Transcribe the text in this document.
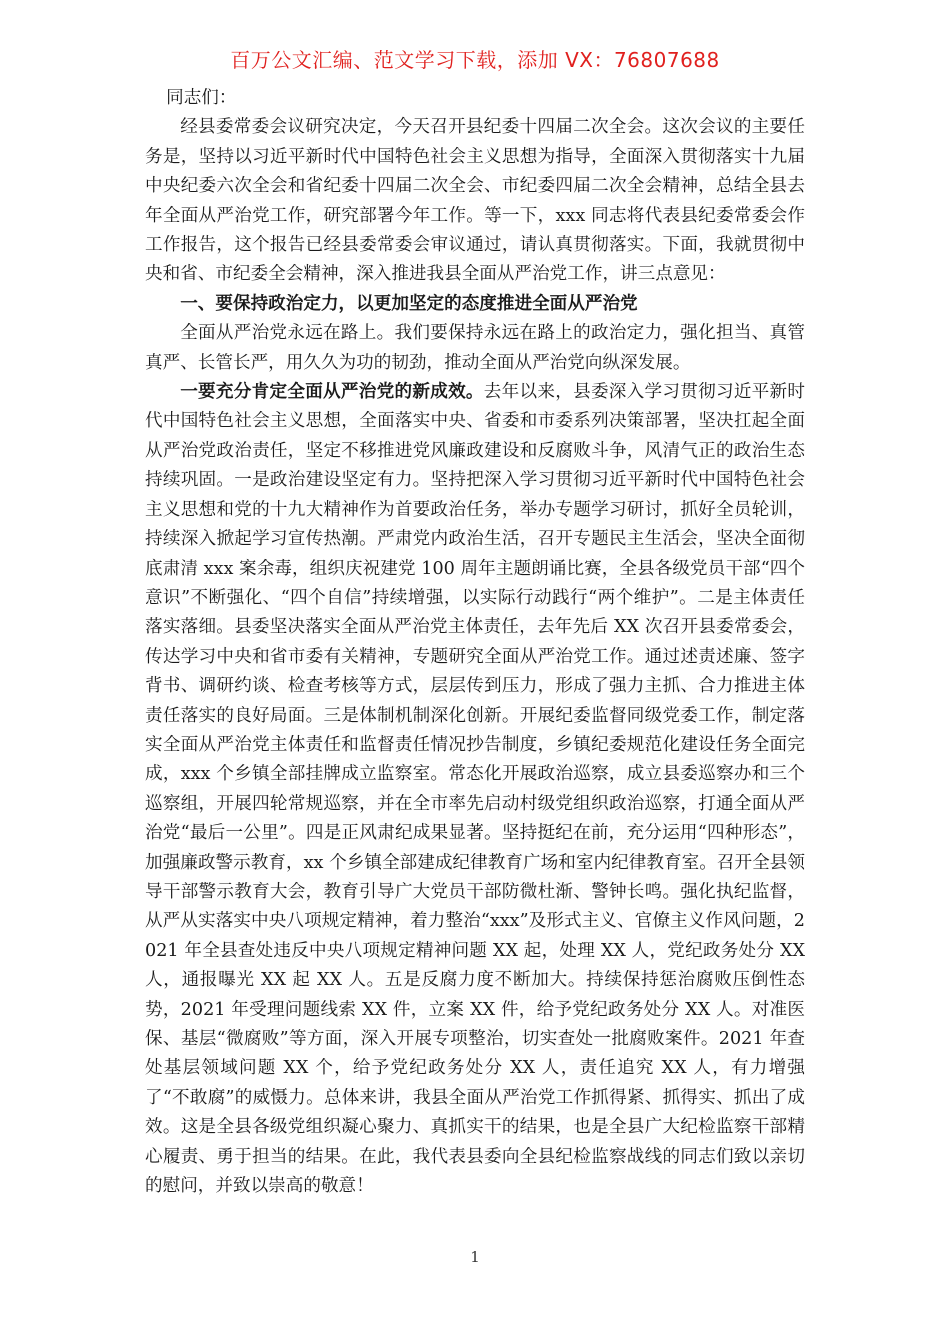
百万公文汇编、范文学习下载，添加 VX：76807688

同志们：

经县委常委会议研究决定，今天召开县纪委十四届二次全会。这次会议的主要任务是，坚持以习近平新时代中国特色社会主义思想为指导，全面深入贯彻落实十九届中央纪委六次全会和省纪委十四届二次全会、市纪委四届二次全会精神，总结全县去年全面从严治党工作，研究部署今年工作。等一下，xxx 同志将代表县纪委常委会作工作报告，这个报告已经县委常委会审议通过，请认真贯彻落实。下面，我就贯彻中央和省、市纪委全会精神，深入推进我县全面从严治党工作，讲三点意见：

一、要保持政治定力，以更加坚定的态度推进全面从严治党

全面从严治党永远在路上。我们要保持永远在路上的政治定力，强化担当、真管真严、长管长严，用久久为功的韧劲，推动全面从严治党向纵深发展。

一要充分肯定全面从严治党的新成效。去年以来，县委深入学习贯彻习近平新时代中国特色社会主义思想，全面落实中央、省委和市委系列决策部署，坚决扛起全面从严治党政治责任，坚定不移推进党风廉政建设和反腐败斗争，风清气正的政治生态持续巩固。一是政治建设坚定有力。坚持把深入学习贯彻习近平新时代中国特色社会主义思想和党的十九大精神作为首要政治任务，举办专题学习研讨，抓好全员轮训，持续深入掀起学习宣传热潮。严肃党内政治生活，召开专题民主生活会，坚决全面彻底肃清 xxx 案余毒，组织庆祝建党 100 周年主题朗诵比赛，全县各级党员干部“四个意识”不断强化、“四个自信”持续增强，以实际行动践行“两个维护”。二是主体责任落实落细。县委坚决落实全面从严治党主体责任，去年先后 XX 次召开县委常委会，传达学习中央和省市委有关精神，专题研究全面从严治党工作。通过述责述廉、签字背书、调研约谈、检查考核等方式，层层传到压力，形成了强力主抓、合力推进主体责任落实的良好局面。三是体制机制深化创新。开展纪委监督同级党委工作，制定落实全面从严治党主体责任和监督责任情况抄告制度，乡镇纪委规范化建设任务全面完成，xxx 个乡镇全部挂牌成立监察室。常态化开展政治巡察，成立县委巡察办和三个巡察组，开展四轮常规巡察，并在全市率先启动村级党组织政治巡察，打通全面从严治党“最后一公里”。四是正风肃纪成果显著。坚持挺纪在前，充分运用“四种形态”，加强廉政警示教育，xx 个乡镇全部建成纪律教育广场和室内纪律教育室。召开全县领导干部警示教育大会，教育引导广大党员干部防微杜渐、警钟长鸣。强化执纪监督，从严从实落实中央八项规定精神，着力整治“xxx”及形式主义、官僚主义作风问题，2021 年全县查处违反中央八项规定精神问题 XX 起，处理 XX 人，党纪政务处分 XX 人，通报曝光 XX 起 XX 人。五是反腐力度不断加大。持续保持惩治腐败压倒性态势，2021 年受理问题线索 XX 件，立案 XX 件，给予党纪政务处分 XX 人。对准医保、基层“微腐败”等方面，深入开展专项整治，切实查处一批腐败案件。2021 年查处基层领域问题 XX 个，给予党纪政务处分 XX 人，责任追究 XX 人，有力增强了“不敢腐”的威慑力。总体来讲，我县全面从严治党工作抓得紧、抓得实、抓出了成效。这是全县各级党组织凝心聚力、真抓实干的结果，也是全县广大纪检监察干部精心履责、勇于担当的结果。在此，我代表县委向全县纪检监察战线的同志们致以亲切的慰问，并致以崇高的敬意！

1
